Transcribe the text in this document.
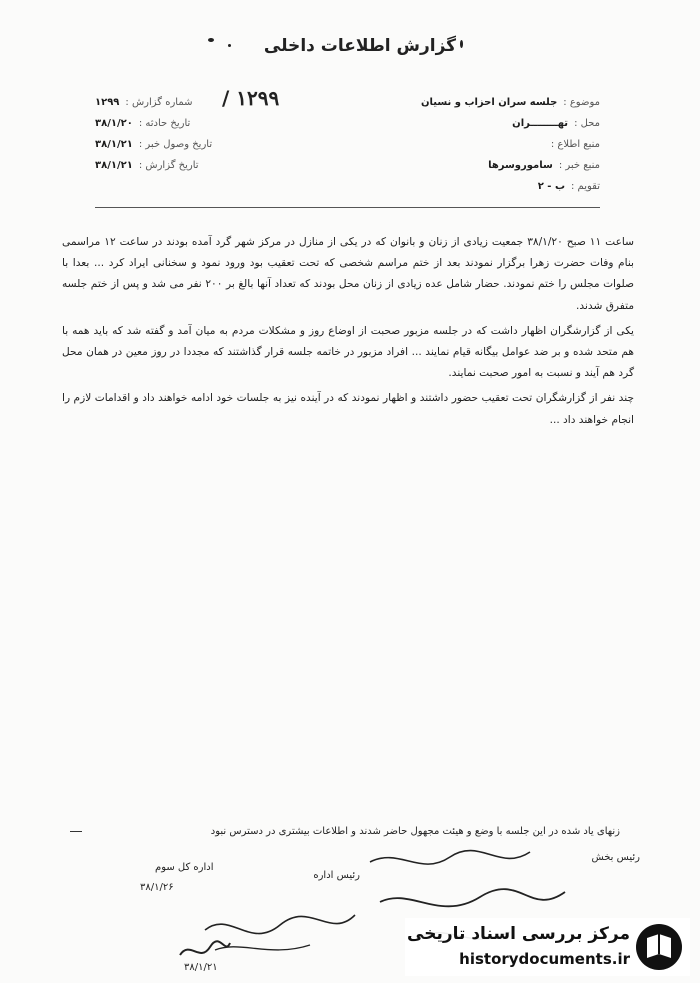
گزارش اطلاعات داخلی
۱۲۹۹ /	موضوع :
جلسه سران احزاب و نسیان
شماره گزارش :
۱۲۹۹
محل :
تهــــــــران
تاریخ حادثه :
۳۸/۱/۲۰
منبع اطلاع :
تاریخ وصول خبر :
۳۸/۱/۲۱
منبع خبر :
ساموروسرها
تاریخ گزارش :
۳۸/۱/۲۱
تقویم :
ب - ۲

ساعت ۱۱ صبح ۳۸/۱/۲۰ جمعیت زیادی از زنان و بانوان که در یکی از منازل در مرکز شهر گرد آمده بودند در ساعت ۱۲ مراسمی بنام وفات حضرت زهرا برگزار نمودند بعد از ختم مراسم شخصی که تحت تعقیب بود ورود نمود و سخنانی ایراد کرد ... بعدا با صلوات مجلس را ختم نمودند. حضار شامل عده زیادی از زنان محل بودند که تعداد آنها بالغ بر ۲۰۰ نفر می شد و پس از ختم جلسه متفرق شدند.

یکی از گزارشگران اظهار داشت که در جلسه مزبور صحبت از اوضاع روز و مشکلات مردم به میان آمد و گفته شد که باید همه با هم متحد شده و بر ضد عوامل بیگانه قیام نمایند ... افراد مزبور در خاتمه جلسه قرار گذاشتند که مجددا در روز معین در همان محل گرد هم آیند و نسبت به امور صحبت نمایند.

چند نفر از گزارشگران تحت تعقیب حضور داشتند و اظهار نمودند که در آینده نیز به جلسات خود ادامه خواهند داد و اقدامات لازم را انجام خواهند داد ...

زنهای یاد شده در این جلسه با وضع و هیئت مجهول حاضر شدند و اطلاعات بیشتری در دسترس نبود
رئیس بخش
رئیس اداره
اداره کل سوم
۳۸/۱/۲۶
۳۸/۱/۲۱
مرکز بررسی اسناد تاریخی
historydocuments.ir
